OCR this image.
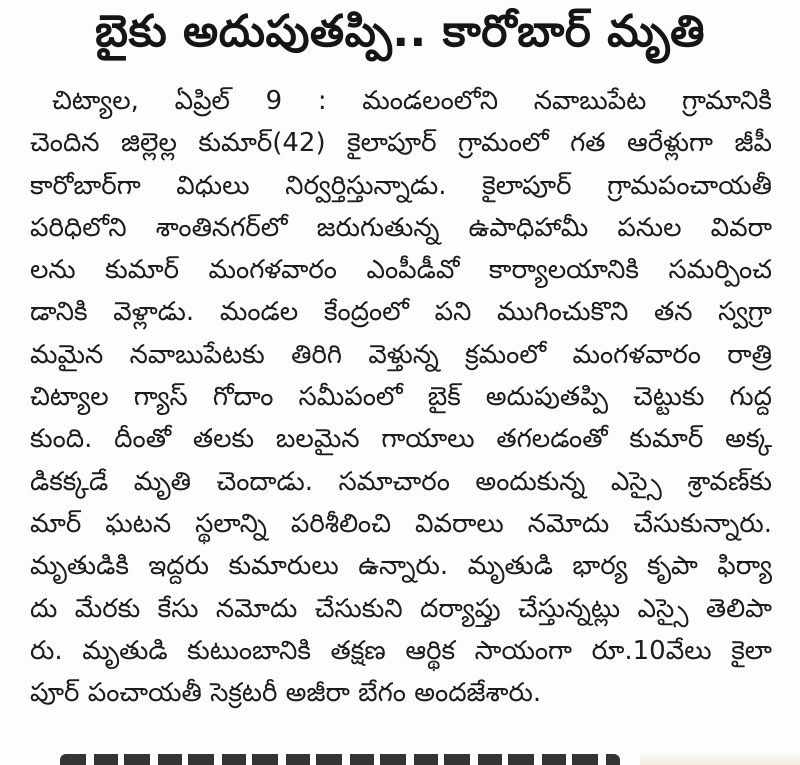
బైకు అదుపుతప్పి.. కారోబార్ మృతి
చిట్యాల, ఏప్రిల్ 9 : మండలంలోని నవాబుపేట గ్రామానికి
చెందిన జిల్లెల్ల కుమార్(42) కైలాపూర్ గ్రామంలో గత ఆరేళ్లుగా జీపీ
కారోబార్‌గా విధులు నిర్వర్తిస్తున్నాడు. కైలాపూర్ గ్రామపంచాయతీ
పరిధిలోని శాంతినగర్‌లో జరుగుతున్న ఉపాధిహామీ పనుల వివరా
లను కుమార్ మంగళవారం ఎంపీడీవో కార్యాలయానికి సమర్పించ
డానికి వెళ్లాడు. మండల కేంద్రంలో పని ముగించుకొని తన స్వగ్రా
మమైన నవాబుపేటకు తిరిగి వెళ్తున్న క్రమంలో మంగళవారం రాత్రి
చిట్యాల గ్యాస్ గోదాం సమీపంలో బైక్ అదుపుతప్పి చెట్టుకు గుద్ద
కుంది. దీంతో తలకు బలమైన గాయాలు తగలడంతో కుమార్ అక్క
డికక్కడే మృతి చెందాడు. సమాచారం అందుకున్న ఎస్సై శ్రావణ్‌కు
మార్ ఘటన స్థలాన్ని పరిశీలించి వివరాలు నమోదు చేసుకున్నారు.
మృతుడికి ఇద్దరు కుమారులు ఉన్నారు. మృతుడి భార్య కృపా ఫిర్యా
దు మేరకు కేసు నమోదు చేసుకుని దర్యాప్తు చేస్తున్నట్లు ఎస్సై తెలిపా
రు. మృతుడి కుటుంబానికి తక్షణ ఆర్థిక సాయంగా రూ.10వేలు కైలా
పూర్ పంచాయతీ సెక్రటరీ అజీరా బేగం అందజేశారు.
